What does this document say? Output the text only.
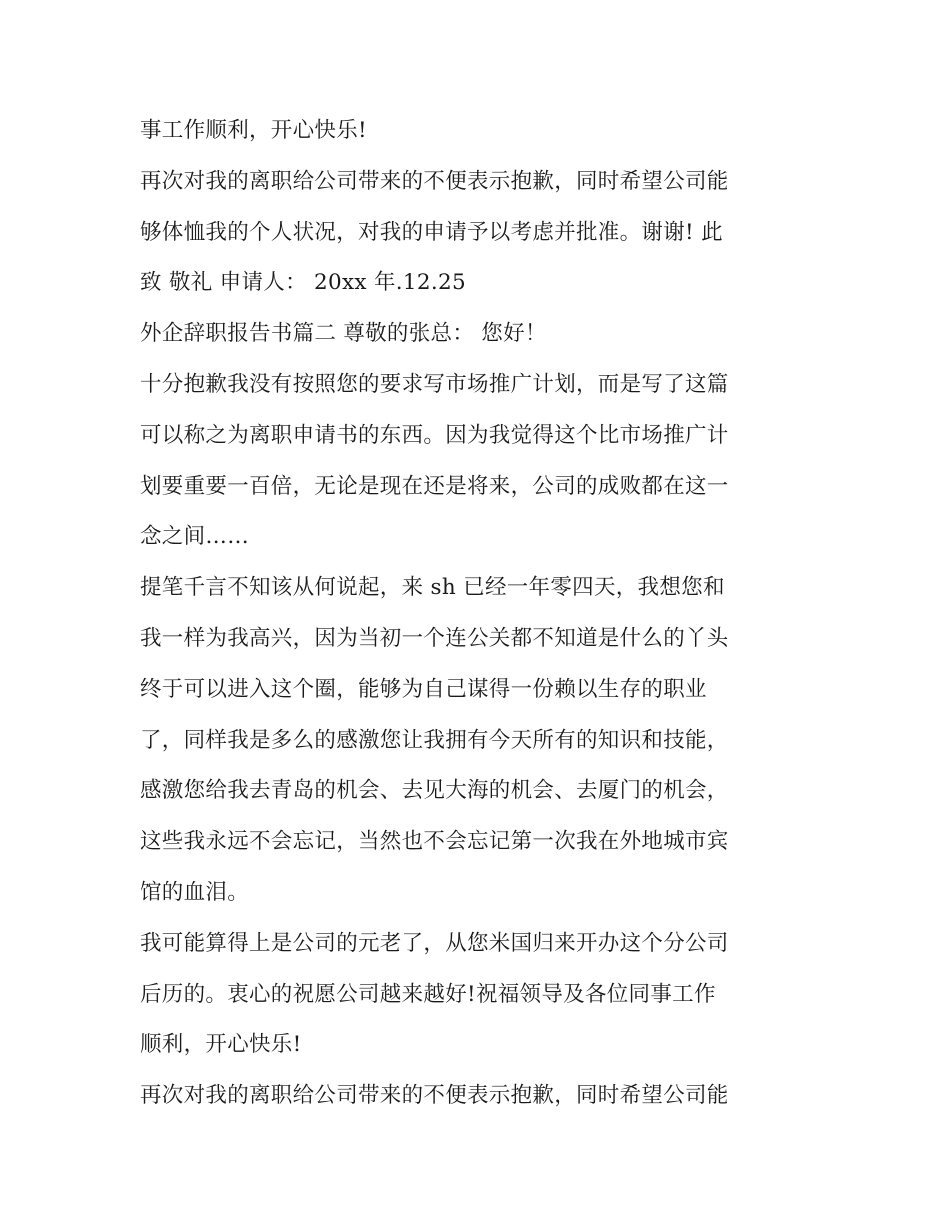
事工作顺利，开心快乐!
再次对我的离职给公司带来的不便表示抱歉，同时希望公司能
够体恤我的个人状况，对我的申请予以考虑并批准。谢谢! 此
致 敬礼 申请人： 20xx 年.12.25
外企辞职报告书篇二 尊敬的张总： 您好！
十分抱歉我没有按照您的要求写市场推广计划，而是写了这篇
可以称之为离职申请书的东西。因为我觉得这个比市场推广计
划要重要一百倍，无论是现在还是将来，公司的成败都在这一
念之间……
提笔千言不知该从何说起，来 sh 已经一年零四天，我想您和
我一样为我高兴，因为当初一个连公关都不知道是什么的丫头
终于可以进入这个圈，能够为自己谋得一份赖以生存的职业
了，同样我是多么的感激您让我拥有今天所有的知识和技能，
感激您给我去青岛的机会、去见大海的机会、去厦门的机会，
这些我永远不会忘记，当然也不会忘记第一次我在外地城市宾
馆的血泪。
我可能算得上是公司的元老了，从您米国归来开办这个分公司
后历的。衷心的祝愿公司越来越好!祝福领导及各位同事工作
顺利，开心快乐!
再次对我的离职给公司带来的不便表示抱歉，同时希望公司能
